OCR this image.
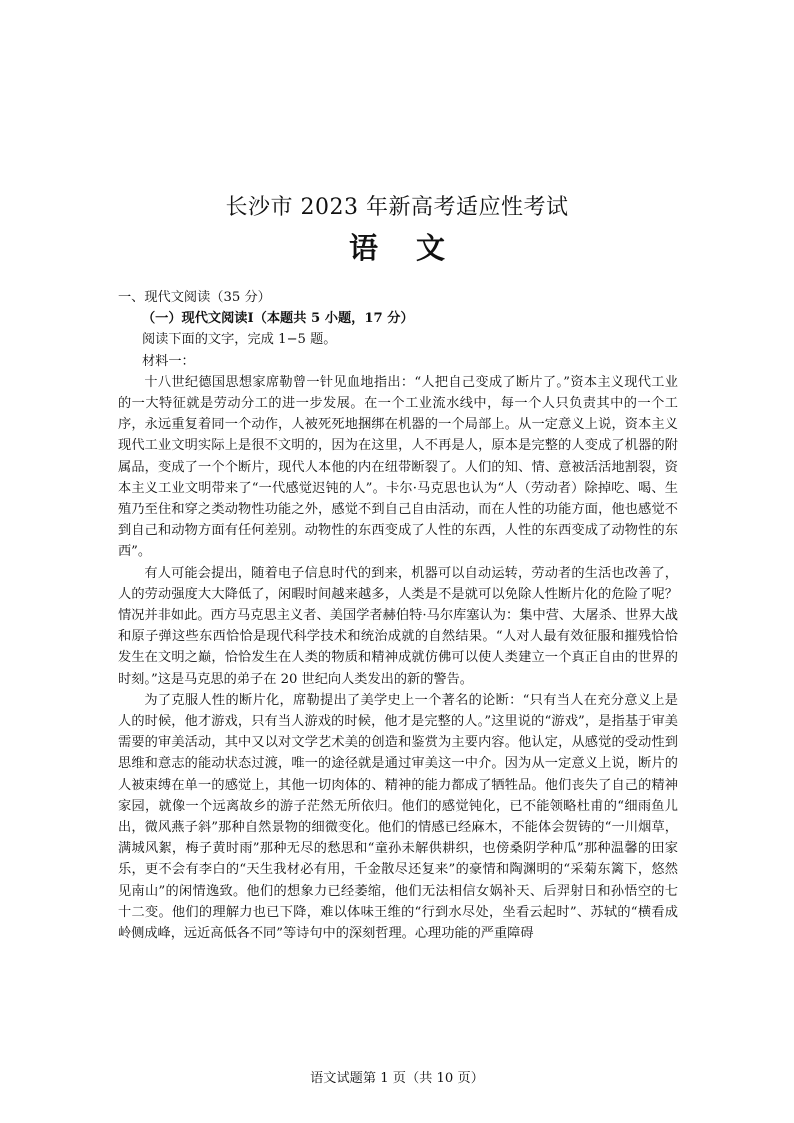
长沙市 2023 年新高考适应性考试
语文

一、现代文阅读（35 分）

（一）现代文阅读Ⅰ（本题共 5 小题，17 分）

阅读下面的文字，完成 1−5 题。

材料一：

十八世纪德国思想家席勒曾一针见血地指出：“人把自己变成了断片了。”资本主义现代工业的一大特征就是劳动分工的进一步发展。在一个工业流水线中，每一个人只负责其中的一个工序，永远重复着同一个动作，人被死死地捆绑在机器的一个局部上。从一定意义上说，资本主义现代工业文明实际上是很不文明的，因为在这里，人不再是人，原本是完整的人变成了机器的附属品，变成了一个个断片，现代人本他的内在纽带断裂了。人们的知、情、意被活活地割裂，资本主义工业文明带来了“一代感觉迟钝的人”。卡尔·马克思也认为“人（劳动者）除掉吃、喝、生殖乃至住和穿之类动物性功能之外，感觉不到自己自由活动，而在人性的功能方面，他也感觉不到自己和动物方面有任何差别。动物性的东西变成了人性的东西，人性的东西变成了动物性的东西”。

有人可能会提出，随着电子信息时代的到来，机器可以自动运转，劳动者的生活也改善了，人的劳动强度大大降低了，闲暇时间越来越多，人类是不是就可以免除人性断片化的危险了呢？情况并非如此。西方马克思主义者、美国学者赫伯特·马尔库塞认为：集中营、大屠杀、世界大战和原子弹这些东西恰恰是现代科学技术和统治成就的自然结果。“人对人最有效征服和摧残恰恰发生在文明之巅，恰恰发生在人类的物质和精神成就仿佛可以使人类建立一个真正自由的世界的时刻。”这是马克思的弟子在 20 世纪向人类发出的新的警告。

为了克服人性的断片化，席勒提出了美学史上一个著名的论断：“只有当人在充分意义上是人的时候，他才游戏，只有当人游戏的时候，他才是完整的人。”这里说的“游戏”，是指基于审美需要的审美活动，其中又以对文学艺术美的创造和鉴赏为主要内容。他认定，从感觉的受动性到思维和意志的能动状态过渡，唯一的途径就是通过审美这一中介。因为从一定意义上说，断片的人被束缚在单一的感觉上，其他一切肉体的、精神的能力都成了牺牲品。他们丧失了自己的精神家园，就像一个远离故乡的游子茫然无所依归。他们的感觉钝化，已不能领略杜甫的“细雨鱼儿出，微风燕子斜”那种自然景物的细微变化。他们的情感已经麻木，不能体会贺铸的“一川烟草，满城风絮，梅子黄时雨”那种无尽的愁思和“童孙未解供耕织，也傍桑阴学种瓜”那种温馨的田家乐，更不会有李白的“天生我材必有用，千金散尽还复来”的豪情和陶渊明的“采菊东篱下，悠然见南山”的闲情逸致。他们的想象力已经萎缩，他们无法相信女娲补天、后羿射日和孙悟空的七十二变。他们的理解力也已下降，难以体味王维的“行到水尽处，坐看云起时”、苏轼的“横看成岭侧成峰，远近高低各不同”等诗句中的深刻哲理。心理功能的严重障碍

语文试题第 1 页（共 10 页）
